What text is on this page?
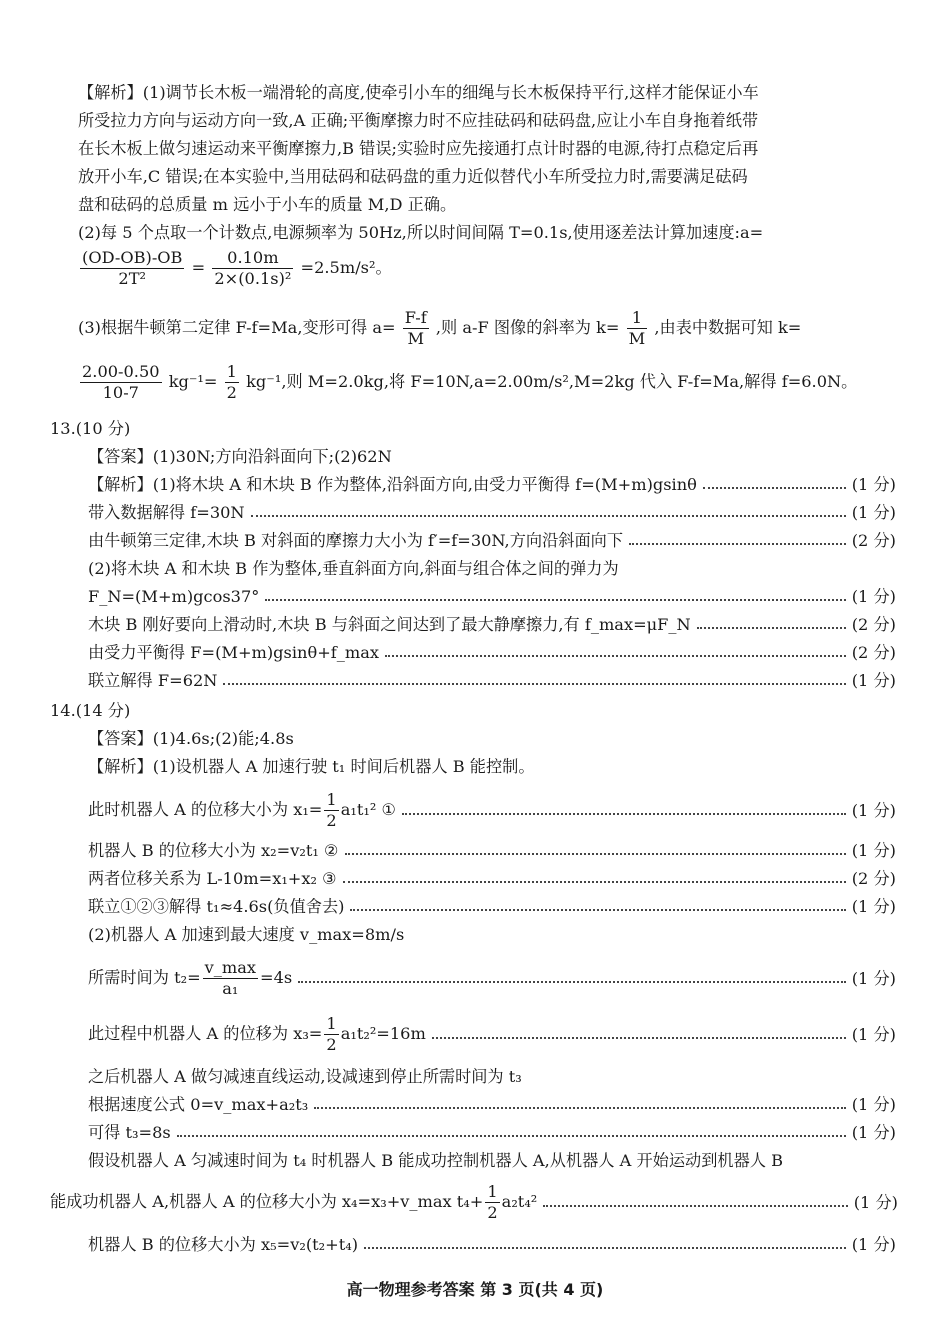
【解析】(1)调节长木板一端滑轮的高度,使牵引小车的细绳与长木板保持平行,这样才能保证小车
所受拉力方向与运动方向一致,A 正确;平衡摩擦力时不应挂砝码和砝码盘,应让小车自身拖着纸带
在长木板上做匀速运动来平衡摩擦力,B 错误;实验时应先接通打点计时器的电源,待打点稳定后再
放开小车,C 错误;在本实验中,当用砝码和砝码盘的重力近似替代小车所受拉力时,需要满足砝码
盘和砝码的总质量 m 远小于小车的质量 M,D 正确。
(2)每 5 个点取一个计数点,电源频率为 50Hz,所以时间间隔 T=0.1s,使用逐差法计算加速度:a=
$\frac{(OD-OB)-OB}{\text{2T²}} = \frac{0.10m}{\text{2×(0.1s)²}} =2.5m/s^2$。
(3)根据牛顿第二定律 F-f=Ma,变形可得 $a= \frac{F-f}{M}$ ,则 a-F 图像的斜率为 $k= \frac{1}{M}$ ,由表中数据可知 k=
$\frac{2.00-0.50}{10-7} kg^{-1}= \frac{1}{2} kg^{-1}$,则 M=2.0kg,将 F=10N,a=2.00m/s²,M=2kg 代入 F-f=Ma,解得 f=6.0N。
13.(10 分)
【答案】(1)30N;方向沿斜面向下;(2)62N
【解析】(1)将木块 A 和木块 B 作为整体,沿斜面方向,由受力平衡得 f=(M+m)gsinθ	(1 分)
带入数据解得 f=30N	(1 分)
由牛顿第三定律,木块 B 对斜面的摩擦力大小为 f′=f=30N,方向沿斜面向下	(2 分)
(2)将木块 A 和木块 B 作为整体,垂直斜面方向,斜面与组合体之间的弹力为
F_N=(M+m)gcos37°	(1 分)
木块 B 刚好要向上滑动时,木块 B 与斜面之间达到了最大静摩擦力,有 f_max=μF_N	(2 分)
由受力平衡得 F=(M+m)gsinθ+f_max	(2 分)
联立解得 F=62N	(1 分)
14.(14 分)
【答案】(1)4.6s;(2)能;4.8s
【解析】(1)设机器人 A 加速行驶 t₁ 时间后机器人 B 能控制。
此时机器人 A 的位移大小为 $x_1= \frac{1}{2} a_1t_1^2$ ①	(1 分)
机器人 B 的位移大小为 x₂=v₂t₁ ②	(1 分)
两者位移关系为 L-10m=x₁+x₂ ③	(2 分)
联立①②③解得 t₁≈4.6s(负值舍去)	(1 分)
(2)机器人 A 加速到最大速度 v_max=8m/s
所需时间为 $t_2= \frac{v\_\max}{\text{a₁}} =4s$	(1 分)
此过程中机器人 A 的位移为 $x_3= \frac{1}{2} a_1t_2^2=16m$	(1 分)
之后机器人 A 做匀减速直线运动,设减速到停止所需时间为 t₃
根据速度公式 0=v_max+a₂t₃	(1 分)
可得 t₃=8s	(1 分)
假设机器人 A 匀减速时间为 t₄ 时机器人 B 能成功控制机器人 A,从机器人 A 开始运动到机器人 B
能成功机器人 A,机器人 A 的位移大小为 x₄=x₃+v_max $t_4+ \frac{1}{2} a_2t_4^2$	(1 分)
机器人 B 的位移大小为 x₅=v₂(t₂+t₄)	(1 分)
高一物理参考答案 第 3 页(共 4 页)
